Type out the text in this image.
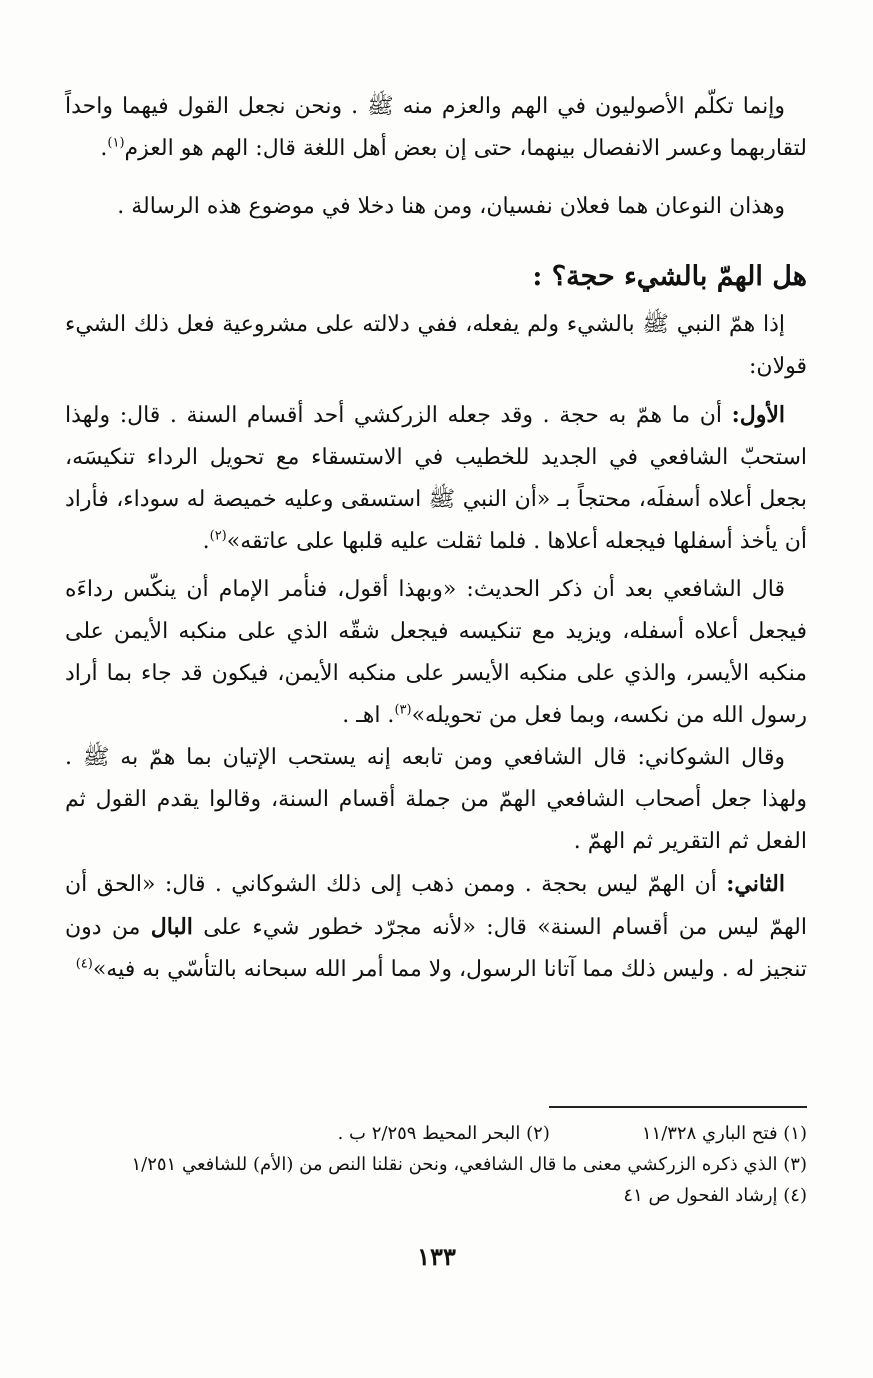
وإنما تكلّم الأصوليون في الهم والعزم منه ﷺ . ونحن نجعل القول فيهما واحداً لتقاربهما وعسر الانفصال بينهما، حتى إن بعض أهل اللغة قال: الهم هو العزم$^{(١)}$.

وهذان النوعان هما فعلان نفسيان، ومن هنا دخلا في موضوع هذه الرسالة .

هل الهمّ بالشيء حجة؟ :

إذا همّ النبي ﷺ بالشيء ولم يفعله، ففي دلالته على مشروعية فعل ذلك الشيء قولان:

الأول: أن ما همّ به حجة . وقد جعله الزركشي أحد أقسام السنة . قال: ولهذا استحبّ الشافعي في الجديد للخطيب في الاستسقاء مع تحويل الرداء تنكيسَه، بجعل أعلاه أسفلَه، محتجاً بـ «أن النبي ﷺ استسقى وعليه خميصة له سوداء، فأراد أن يأخذ أسفلها فيجعله أعلاها . فلما ثقلت عليه قلبها على عاتقه»$^{(٢)}$.

قال الشافعي بعد أن ذكر الحديث: «وبهذا أقول، فنأمر الإمام أن ينكّس رداءَه فيجعل أعلاه أسفله، ويزيد مع تنكيسه فيجعل شقّه الذي على منكبه الأيمن على منكبه الأيسر، والذي على منكبه الأيسر على منكبه الأيمن، فيكون قد جاء بما أراد رسول الله من نكسه، وبما فعل من تحويله»$^{(٣)}$. اهـ .

وقال الشوكاني: قال الشافعي ومن تابعه إنه يستحب الإتيان بما همّ به ﷺ . ولهذا جعل أصحاب الشافعي الهمّ من جملة أقسام السنة، وقالوا يقدم القول ثم الفعل ثم التقرير ثم الهمّ .

الثاني: أن الهمّ ليس بحجة . وممن ذهب إلى ذلك الشوكاني . قال: «الحق أن الهمّ ليس من أقسام السنة» قال: «لأنه مجرّد خطور شيء على البال من دون تنجيز له . وليس ذلك مما آتانا الرسول، ولا مما أمر الله سبحانه بالتأسّي به فيه»$^{(٤)}$

(١) فتح الباري ١١/٣٢٨
(٢) البحر المحيط ٢/٢٥٩ ب .
(٣) الذي ذكره الزركشي معنى ما قال الشافعي، ونحن نقلنا النص من (الأم) للشافعي ١/٢٥١
(٤) إرشاد الفحول ص ٤١
١٣٣
